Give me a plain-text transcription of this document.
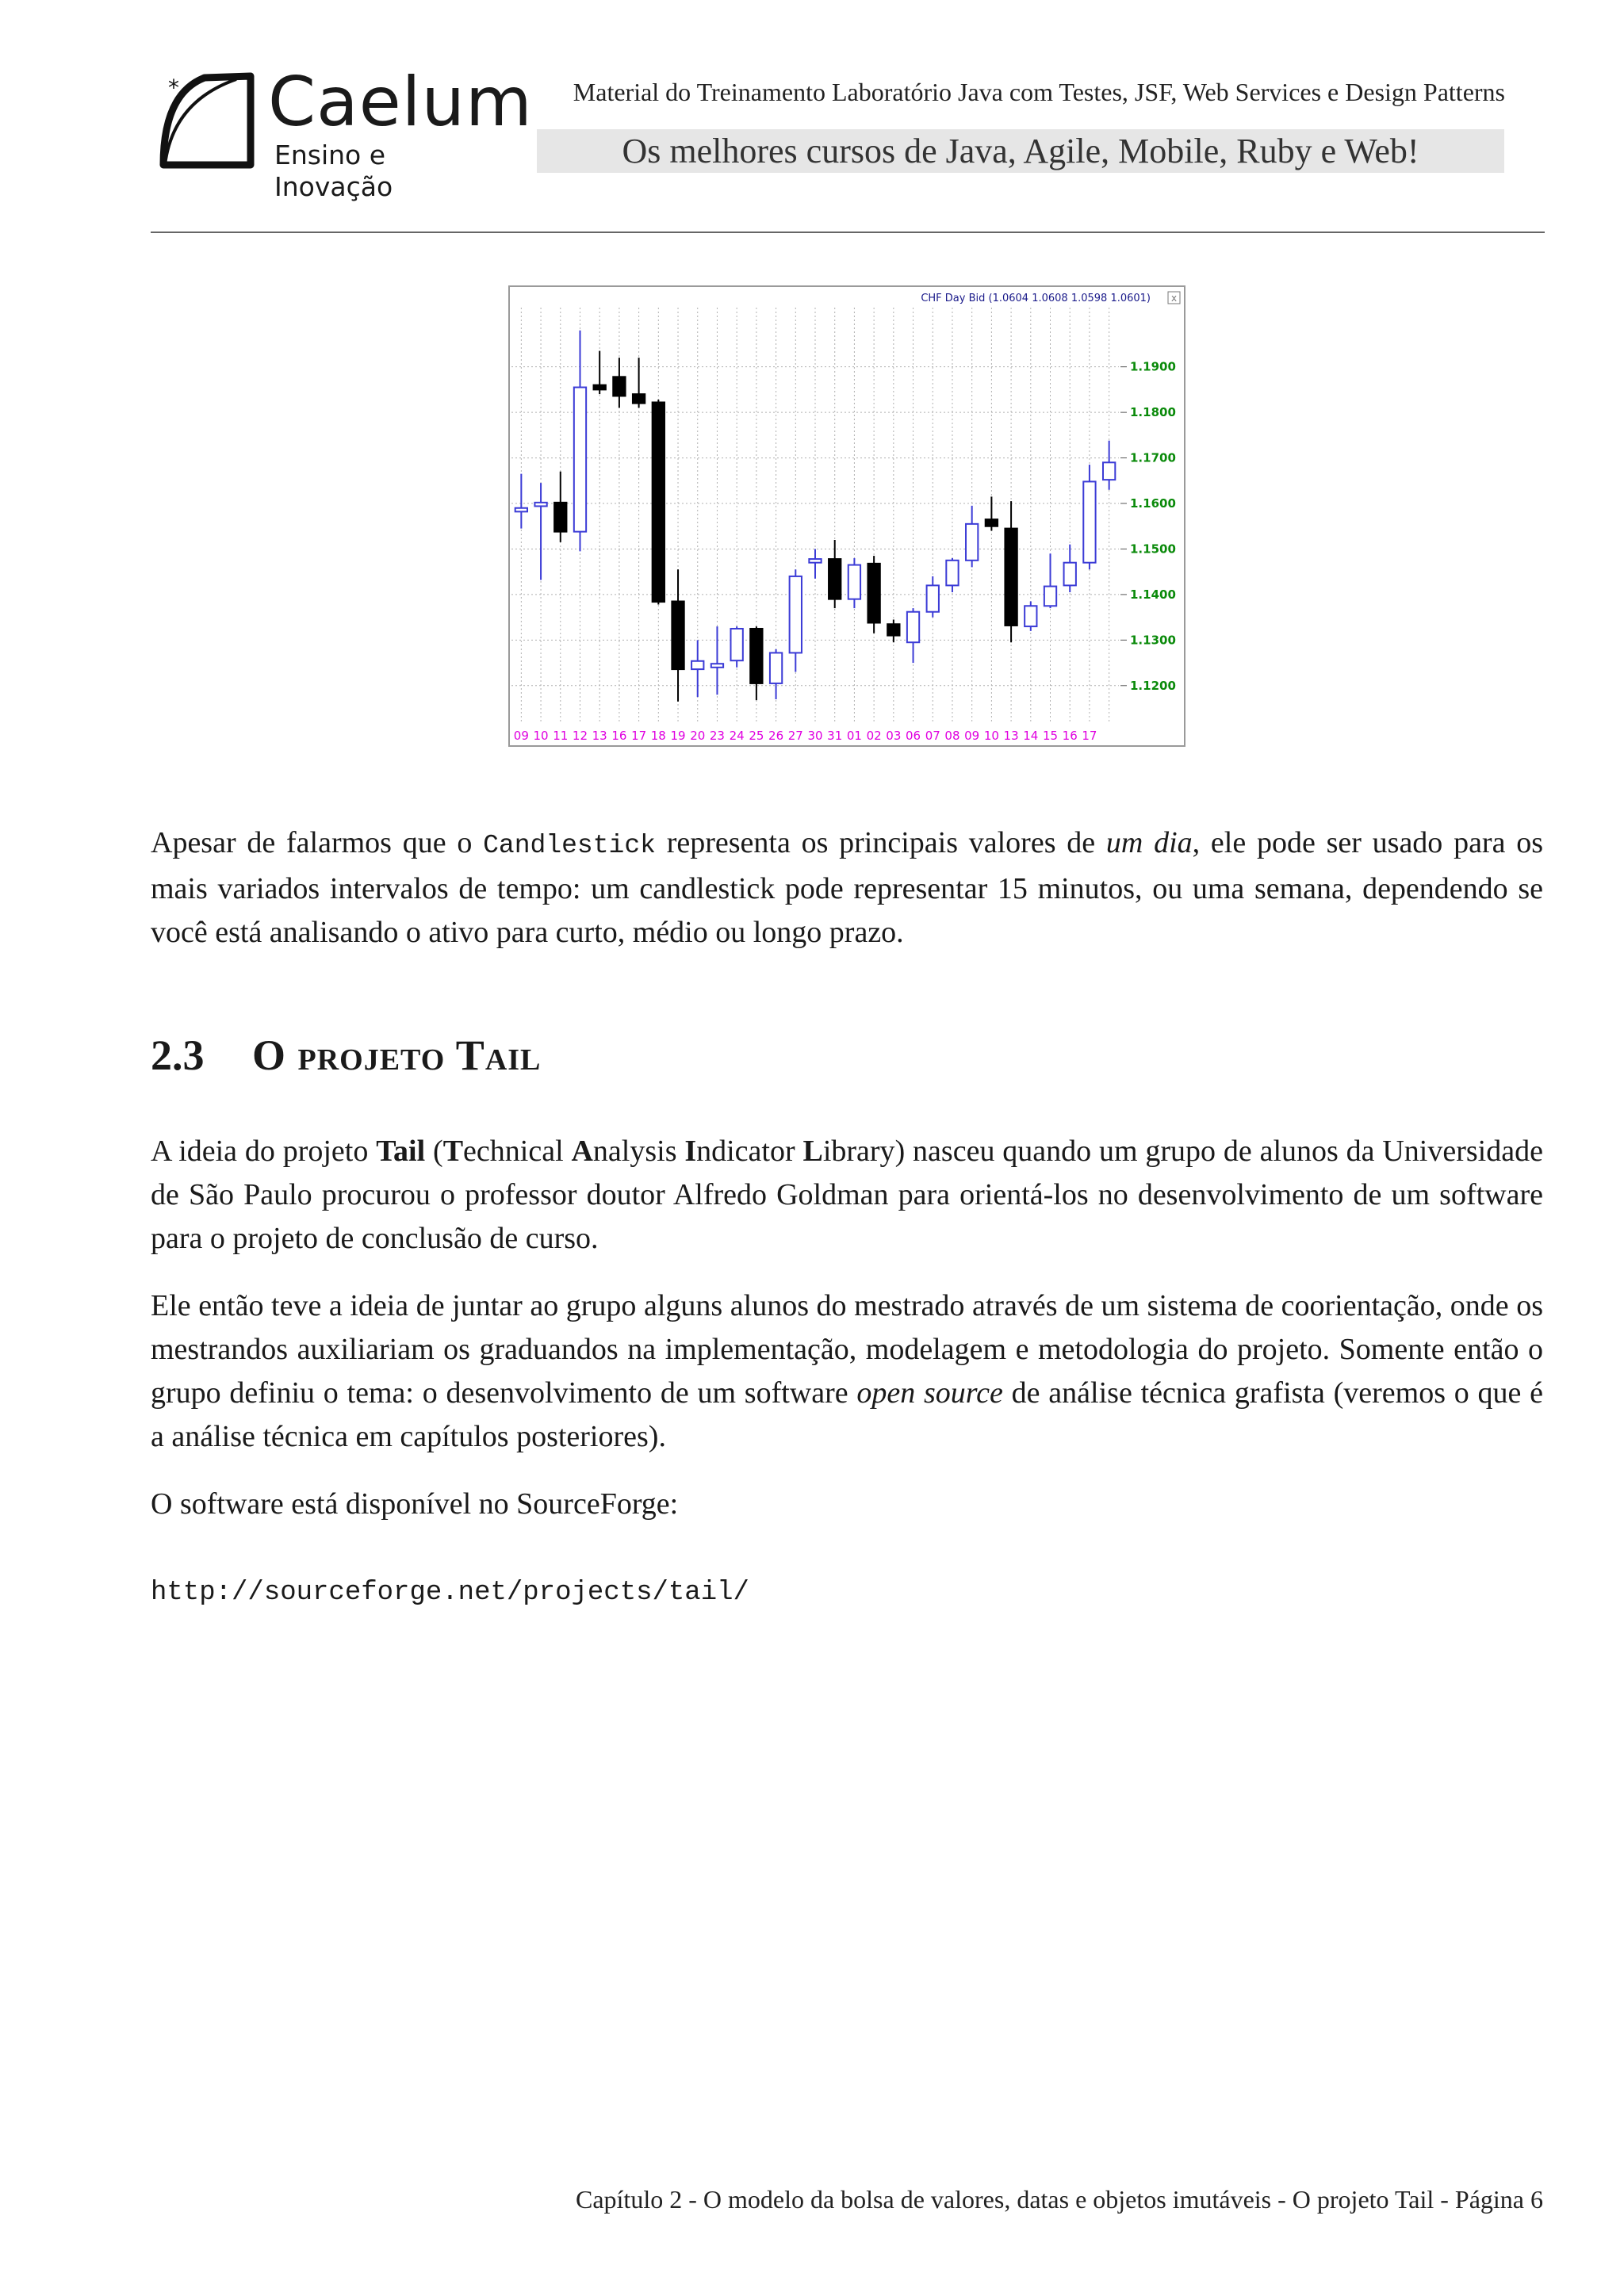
* Caelum
Ensino e Inovação
Material do Treinamento Laboratório Java com Testes, JSF, Web Services e Design Patterns
Os melhores cursos de Java, Agile, Mobile, Ruby e Web!
1.1900
1.1800
1.1700
1.1600
1.1500
1.1400
1.1300
1.1200
09 10 11 12 13 16 17 18 19 20 23 24 25 26 27 30 31 01 02 03 06 07 08 09 10 13 14 15 16 17
CHF Day Bid (1.0604 1.0608 1.0598 1.0601) x
Apesar de falarmos que o Candlestick representa os principais valores de um dia, ele pode ser usado para os mais variados intervalos de tempo: um candlestick pode representar 15 minutos, ou uma semana, dependendo se você está analisando o ativo para curto, médio ou longo prazo.
2.3 O projeto Tail
A ideia do projeto Tail (Technical Analysis Indicator Library) nasceu quando um grupo de alunos da Universidade de São Paulo procurou o professor doutor Alfredo Goldman para orientá-los no desenvolvimento de um software para o projeto de conclusão de curso.
Ele então teve a ideia de juntar ao grupo alguns alunos do mestrado através de um sistema de coorientação, onde os mestrandos auxiliariam os graduandos na implementação, modelagem e metodologia do projeto. Somente então o grupo definiu o tema: o desenvolvimento de um software open source de análise técnica grafista (veremos o que é a análise técnica em capítulos posteriores).
O software está disponível no SourceForge:
http://sourceforge.net/projects/tail/
Capítulo 2 - O modelo da bolsa de valores, datas e objetos imutáveis - O projeto Tail - Página 6
